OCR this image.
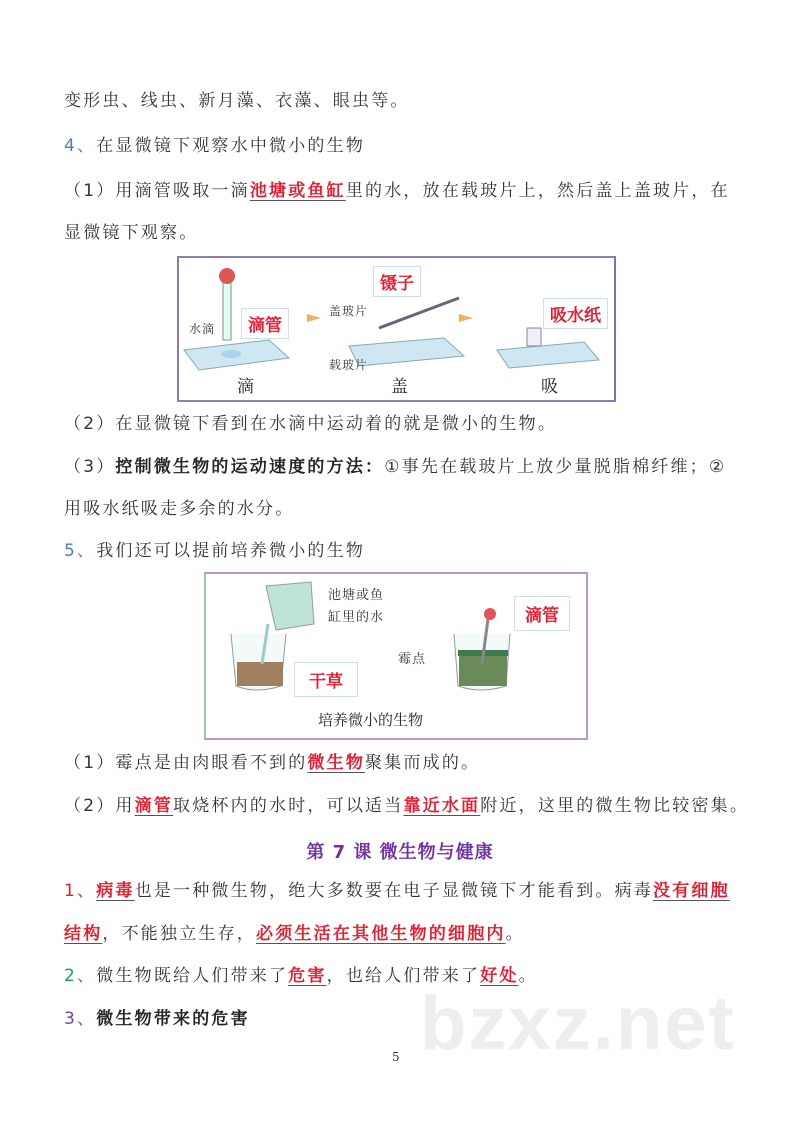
变形虫、线虫、新月藻、衣藻、眼虫等。
4、在显微镜下观察水中微小的生物
（1）用滴管吸取一滴池塘或鱼缸里的水，放在载玻片上，然后盖上盖玻片，在
显微镜下观察。
（2）在显微镜下看到在水滴中运动着的就是微小的生物。
（3）控制微生物的运动速度的方法：①事先在载玻片上放少量脱脂棉纤维；②
用吸水纸吸走多余的水分。
5、我们还可以提前培养微小的生物
（1）霉点是由肉眼看不到的微生物聚集而成的。
（2）用滴管取烧杯内的水时，可以适当靠近水面附近，这里的微生物比较密集。
1、病毒也是一种微生物，绝大多数要在电子显微镜下才能看到。病毒没有细胞
结构，不能独立生存，必须生活在其他生物的细胞内。
2、微生物既给人们带来了危害，也给人们带来了好处。
3、微生物带来的危害
第 7 课 微生物与健康
滴管
镊子
吸水纸
水滴
盖玻片
载玻片
滴	盖	吸
池塘或鱼
缸里的水
干草
滴管
霉点
培养微小的生物
bzxz.net
5
